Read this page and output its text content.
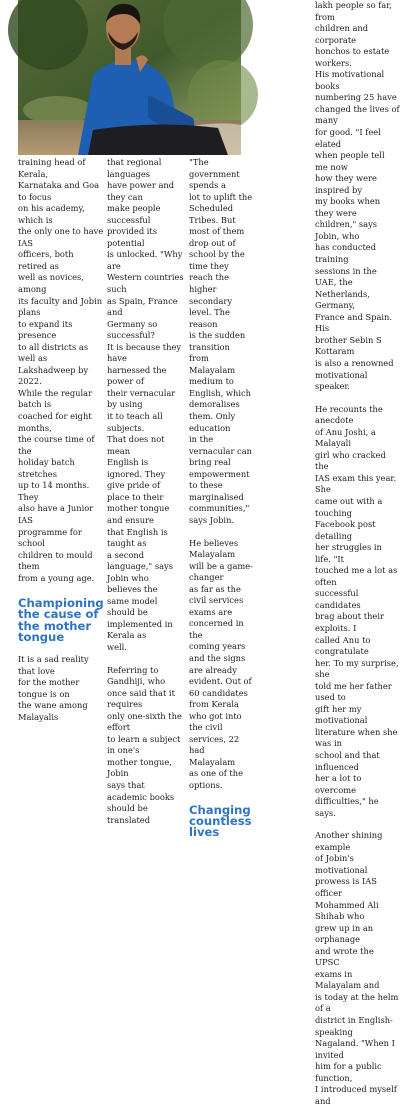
training head of Kerala,
Karnataka and Goa to focus
on his academy, which is
the only one to have IAS
officers, both retired as
well as novices, among
its faculty and Jobin plans
to expand its presence
to all districts as well as
Lakshadweep by 2022.
While the regular batch is
coached for eight months,
the course time of the
holiday batch stretches
up to 14 months. They
also have a Junior IAS
programme for school
children to mould them
from a young age.

Championing
the cause of
the mother
tongue

It is a sad reality that love
for the mother tongue is on
the wane among Malayalis

that regional languages
have power and they can
make people successful
provided its potential
is unlocked. "Why are
Western countries such
as Spain, France and
Germany so successful?
It is because they have
harnessed the power of
their vernacular by using
it to teach all subjects.
That does not mean
English is ignored. They
give pride of place to their
mother tongue and ensure
that English is taught as
a second language," says
Jobin who believes the
same model should be
implemented in Kerala as
well.

Referring to Gandhiji, who
once said that it requires
only one-sixth the effort
to learn a subject in one's
mother tongue, Jobin
says that academic books
should be translated

"The government spends a
lot to uplift the Scheduled
Tribes. But most of them
drop out of school by the
time they reach the higher
secondary level. The reason
is the sudden transition
from Malayalam medium to
English, which demoralises
them. Only education
in the vernacular can
bring real empowerment
to these marginalised
communities," says Jobin.

He believes Malayalam
will be a game-changer
as far as the civil services
exams are concerned in the
coming years and the signs
are already evident. Out of
60 candidates from Kerala
who got into the civil
services, 22 had Malayalam
as one of the options.

Changing
countless lives

lakh people so far, from
children and corporate
honchos to estate workers.
His motivational books
numbering 25 have
changed the lives of many
for good. "I feel elated
when people tell me now
how they were inspired by
my books when they were
children," says Jobin, who
has conducted training
sessions in the UAE, the
Netherlands, Germany,
France and Spain. His
brother Sebin S Kottaram
is also a renowned
motivational speaker.

He recounts the anecdote
of Anu Joshi, a Malayali
girl who cracked the
IAS exam this year. She
came out with a touching
Facebook post detailing
her struggles in life. "It
touched me a lot as often
successful candidates
brag about their exploits. I
called Anu to congratulate
her. To my surprise, she
told me her father used to
gift her my motivational
literature when she was in
school and that influenced
her a lot to overcome
difficulties," he says.

Another shining example
of Jobin's motivational
prowess is IAS officer
Mohammed Ali Shihab who
grew up in an orphanage
and wrote the UPSC
exams in Malayalam and
is today at the helm of a
district in English-speaking
Nagaland. "When I invited
him for a public function,
I introduced myself and
